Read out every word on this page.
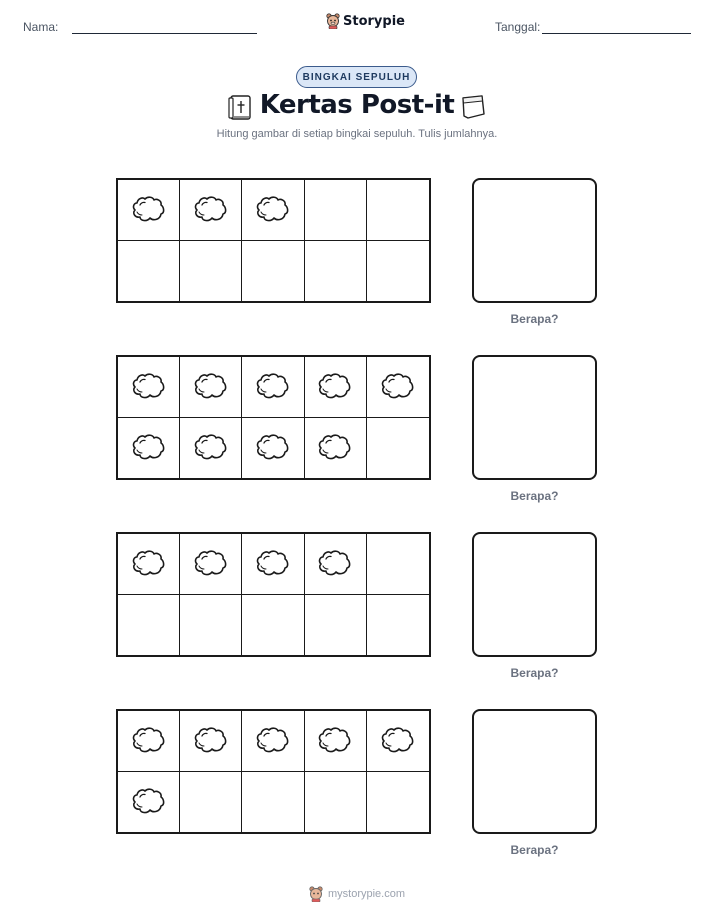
Nama:	Storypie	Tanggal:
BINGKAI SEPULUH
Kertas Post-it
Hitung gambar di setiap bingkai sepuluh. Tulis jumlahnya.
Berapa?
Berapa?
Berapa?
Berapa?
mystorypie.com
